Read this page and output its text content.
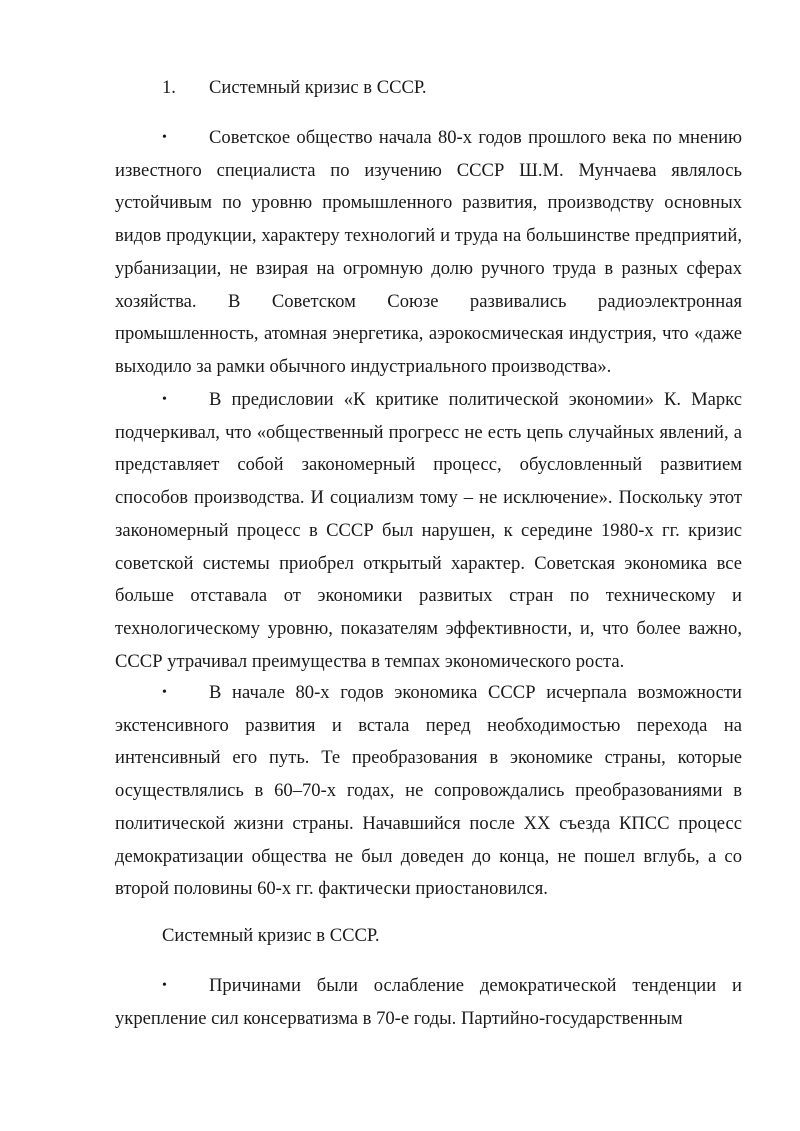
1. Системный кризис в СССР.
• Советское общество начала 80-х годов прошлого века по мнению известного специалиста по изучению СССР Ш.М. Мунчаева являлось устойчивым по уровню промышленного развития, производству основных видов продукции, характеру технологий и труда на большинстве предприятий, урбанизации, не взирая на огромную долю ручного труда в разных сферах хозяйства. В Советском Союзе развивались радиоэлектронная промышленность, атомная энергетика, аэрокосмическая индустрия, что «даже выходило за рамки обычного индустриального производства».
• В предисловии «К критике политической экономии» К. Маркс подчеркивал, что «общественный прогресс не есть цепь случайных явлений, а представляет собой закономерный процесс, обусловленный развитием способов производства. И социализм тому – не исключение». Поскольку этот закономерный процесс в СССР был нарушен, к середине 1980-х гг. кризис советской системы приобрел открытый характер. Советская экономика все больше отставала от экономики развитых стран по техническому и технологическому уровню, показателям эффективности, и, что более важно, СССР утрачивал преимущества в темпах экономического роста.
• В начале 80-х годов экономика СССР исчерпала возможности экстенсивного развития и встала перед необходимостью перехода на интенсивный его путь. Те преобразования в экономике страны, которые осуществлялись в 60–70-х годах, не сопровождались преобразованиями в политической жизни страны. Начавшийся после XX съезда КПСС процесс демократизации общества не был доведен до конца, не пошел вглубь, а со второй половины 60-х гг. фактически приостановился.
Системный кризис в СССР.
• Причинами были ослабление демократической тенденции и укрепление сил консерватизма в 70-е годы. Партийно-государственным
